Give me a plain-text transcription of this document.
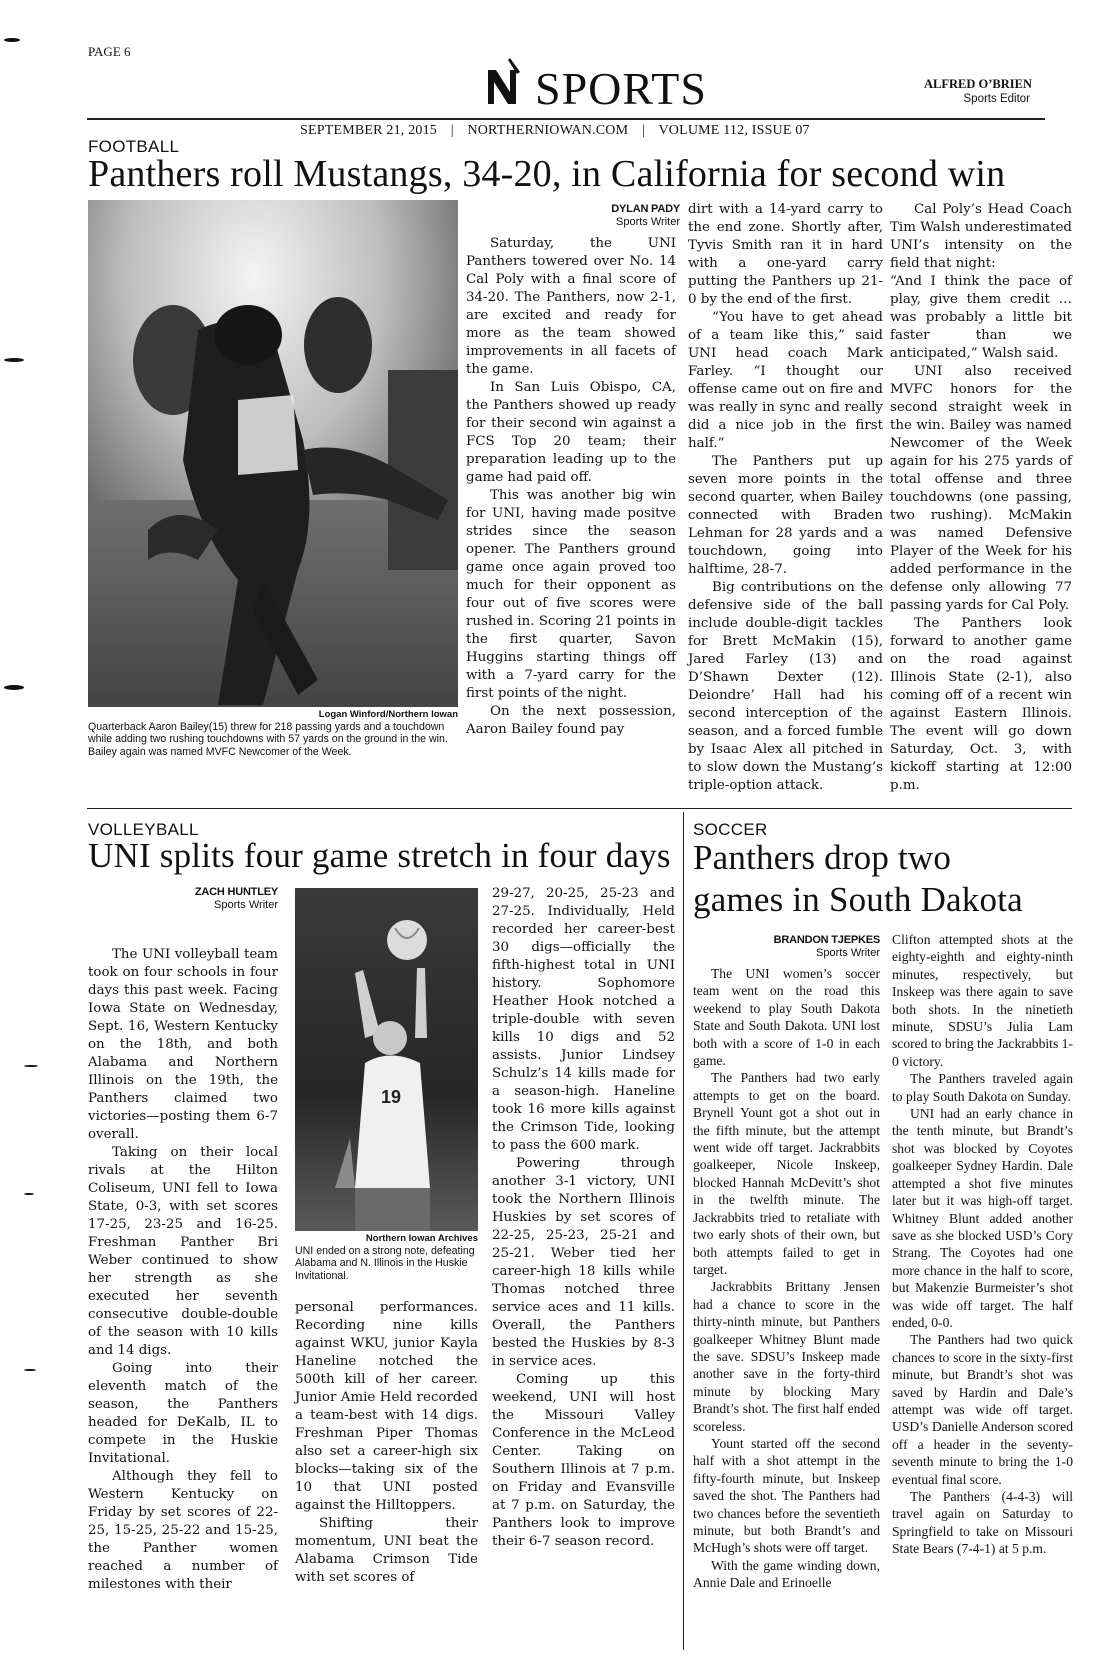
PAGE 6
SPORTS	ALFRED O’BRIEN
Sports Editor
SEPTEMBER 21, 2015 | NORTHERNIOWAN.COM | VOLUME 112, ISSUE 07
FOOTBALL
Panthers roll Mustangs, 34-20, in California for second win
Logan Winford/Northern Iowan
Quarterback Aaron Bailey(15) threw for 218 passing yards and a touchdown while adding two rushing touchdowns with 57 yards on the ground in the win. Bailey again was named MVFC Newcomer of the Week.
DYLAN PADY
Sports Writer

Saturday, the UNI Panthers towered over No. 14 Cal Poly with a final score of 34-20. The Panthers, now 2-1, are excited and ready for more as the team showed improvements in all facets of the game.

In San Luis Obispo, CA, the Panthers showed up ready for their second win against a FCS Top 20 team; their preparation leading up to the game had paid off.

This was another big win for UNI, having made positve strides since the season opener. The Panthers ground game once again proved too much for their opponent as four out of five scores were rushed in. Scoring 21 points in the first quarter, Savon Huggins starting things off with a 7-yard carry for the first points of the night.

On the next possession, Aaron Bailey found pay

dirt with a 14-yard carry to the end zone. Shortly after, Tyvis Smith ran it in hard with a one-yard carry putting the Panthers up 21-0 by the end of the first.

“You have to get ahead of a team like this,” said UNI head coach Mark Farley. “I thought our offense came out on fire and was really in sync and really did a nice job in the first half.”

The Panthers put up seven more points in the second quarter, when Bailey connected with Braden Lehman for 28 yards and a touchdown, going into halftime, 28-7.

Big contributions on the defensive side of the ball include double-digit tackles for Brett McMakin (15), Jared Farley (13) and D’Shawn Dexter (12). Deiondre’ Hall had his second interception of the season, and a forced fumble by Isaac Alex all pitched in to slow down the Mustang’s triple-option attack.

Cal Poly’s Head Coach Tim Walsh underestimated UNI’s intensity on the field that night:

“And I think the pace of play, give them credit … was probably a little bit faster than we anticipated,” Walsh said.

UNI also received MVFC honors for the second straight week in the win. Bailey was named Newcomer of the Week again for his 275 yards of total offense and three touchdowns (one passing, two rushing). McMakin was named Defensive Player of the Week for his added performance in the defense only allowing 77 passing yards for Cal Poly.

The Panthers look forward to another game on the road against Illinois State (2-1), also coming off of a recent win against Eastern Illinois. The event will go down Saturday, Oct. 3, with kickoff starting at 12:00 p.m.

VOLLEYBALL
UNI splits four game stretch in four days
ZACH HUNTLEY
Sports Writer

The UNI volleyball team took on four schools in four days this past week. Facing Iowa State on Wednesday, Sept. 16, Western Kentucky on the 18th, and both Alabama and Northern Illinois on the 19th, the Panthers claimed two victories—posting them 6-7 overall.

Taking on their local rivals at the Hilton Coliseum, UNI fell to Iowa State, 0-3, with set scores 17-25, 23-25 and 16-25. Freshman Panther Bri Weber continued to show her strength as she executed her seventh consecutive double-double of the season with 10 kills and 14 digs.

Going into their eleventh match of the season, the Panthers headed for DeKalb, IL to compete in the Huskie Invitational.

Although they fell to Western Kentucky on Friday by set scores of 22-25, 15-25, 25-22 and 15-25, the Panther women reached a number of milestones with their

19
Northern Iowan Archives
UNI ended on a strong note, defeating Alabama and N. Illinois in the Huskie Invitational.

personal performances. Recording nine kills against WKU, junior Kayla Haneline notched the 500th kill of her career. Junior Amie Held recorded a team-best with 14 digs. Freshman Piper Thomas also set a career-high six blocks—taking six of the 10 that UNI posted against the Hilltoppers.

Shifting their momentum, UNI beat the Alabama Crimson Tide with set scores of

29-27, 20-25, 25-23 and 27-25. Individually, Held recorded her career-best 30 digs—officially the fifth-highest total in UNI history. Sophomore Heather Hook notched a triple-double with seven kills 10 digs and 52 assists. Junior Lindsey Schulz’s 14 kills made for a season-high. Haneline took 16 more kills against the Crimson Tide, looking to pass the 600 mark.

Powering through another 3-1 victory, UNI took the Northern Illinois Huskies by set scores of 22-25, 25-23, 25-21 and 25-21. Weber tied her career-high 18 kills while Thomas notched three service aces and 11 kills. Overall, the Panthers bested the Huskies by 8-3 in service aces.

Coming up this weekend, UNI will host the Missouri Valley Conference in the McLeod Center. Taking on Southern Illinois at 7 p.m. on Friday and Evansville at 7 p.m. on Saturday, the Panthers look to improve their 6-7 season record.

SOCCER
Panthers drop two
games in South Dakota
BRANDON TJEPKES
Sports Writer

The UNI women’s soccer team went on the road this weekend to play South Dakota State and South Dakota. UNI lost both with a score of 1-0 in each game.

The Panthers had two early attempts to get on the board. Brynell Yount got a shot out in the fifth minute, but the attempt went wide off target. Jackrabbits goalkeeper, Nicole Inskeep, blocked Hannah McDevitt’s shot in the twelfth minute. The Jackrabbits tried to retaliate with two early shots of their own, but both attempts failed to get in target.

Jackrabbits Brittany Jensen had a chance to score in the thirty-ninth minute, but Panthers goalkeeper Whitney Blunt made the save. SDSU’s Inskeep made another save in the forty-third minute by blocking Mary Brandt’s shot. The first half ended scoreless.

Yount started off the second half with a shot attempt in the fifty-fourth minute, but Inskeep saved the shot. The Panthers had two chances before the seventieth minute, but both Brandt’s and McHugh’s shots were off target.

With the game winding down, Annie Dale and Erinoelle

Clifton attempted shots at the eighty-eighth and eighty-ninth minutes, respectively, but Inskeep was there again to save both shots. In the ninetieth minute, SDSU’s Julia Lam scored to bring the Jackrabbits 1-0 victory.

The Panthers traveled again to play South Dakota on Sunday.

UNI had an early chance in the tenth minute, but Brandt’s shot was blocked by Coyotes goalkeeper Sydney Hardin. Dale attempted a shot five minutes later but it was high-off target. Whitney Blunt added another save as she blocked USD’s Cory Strang. The Coyotes had one more chance in the half to score, but Makenzie Burmeister’s shot was wide off target. The half ended, 0-0.

The Panthers had two quick chances to score in the sixty-first minute, but Brandt’s shot was saved by Hardin and Dale’s attempt was wide off target. USD’s Danielle Anderson scored off a header in the seventy-seventh minute to bring the 1-0 eventual final score.

The Panthers (4-4-3) will travel again on Saturday to Springfield to take on Missouri State Bears (7-4-1) at 5 p.m.
